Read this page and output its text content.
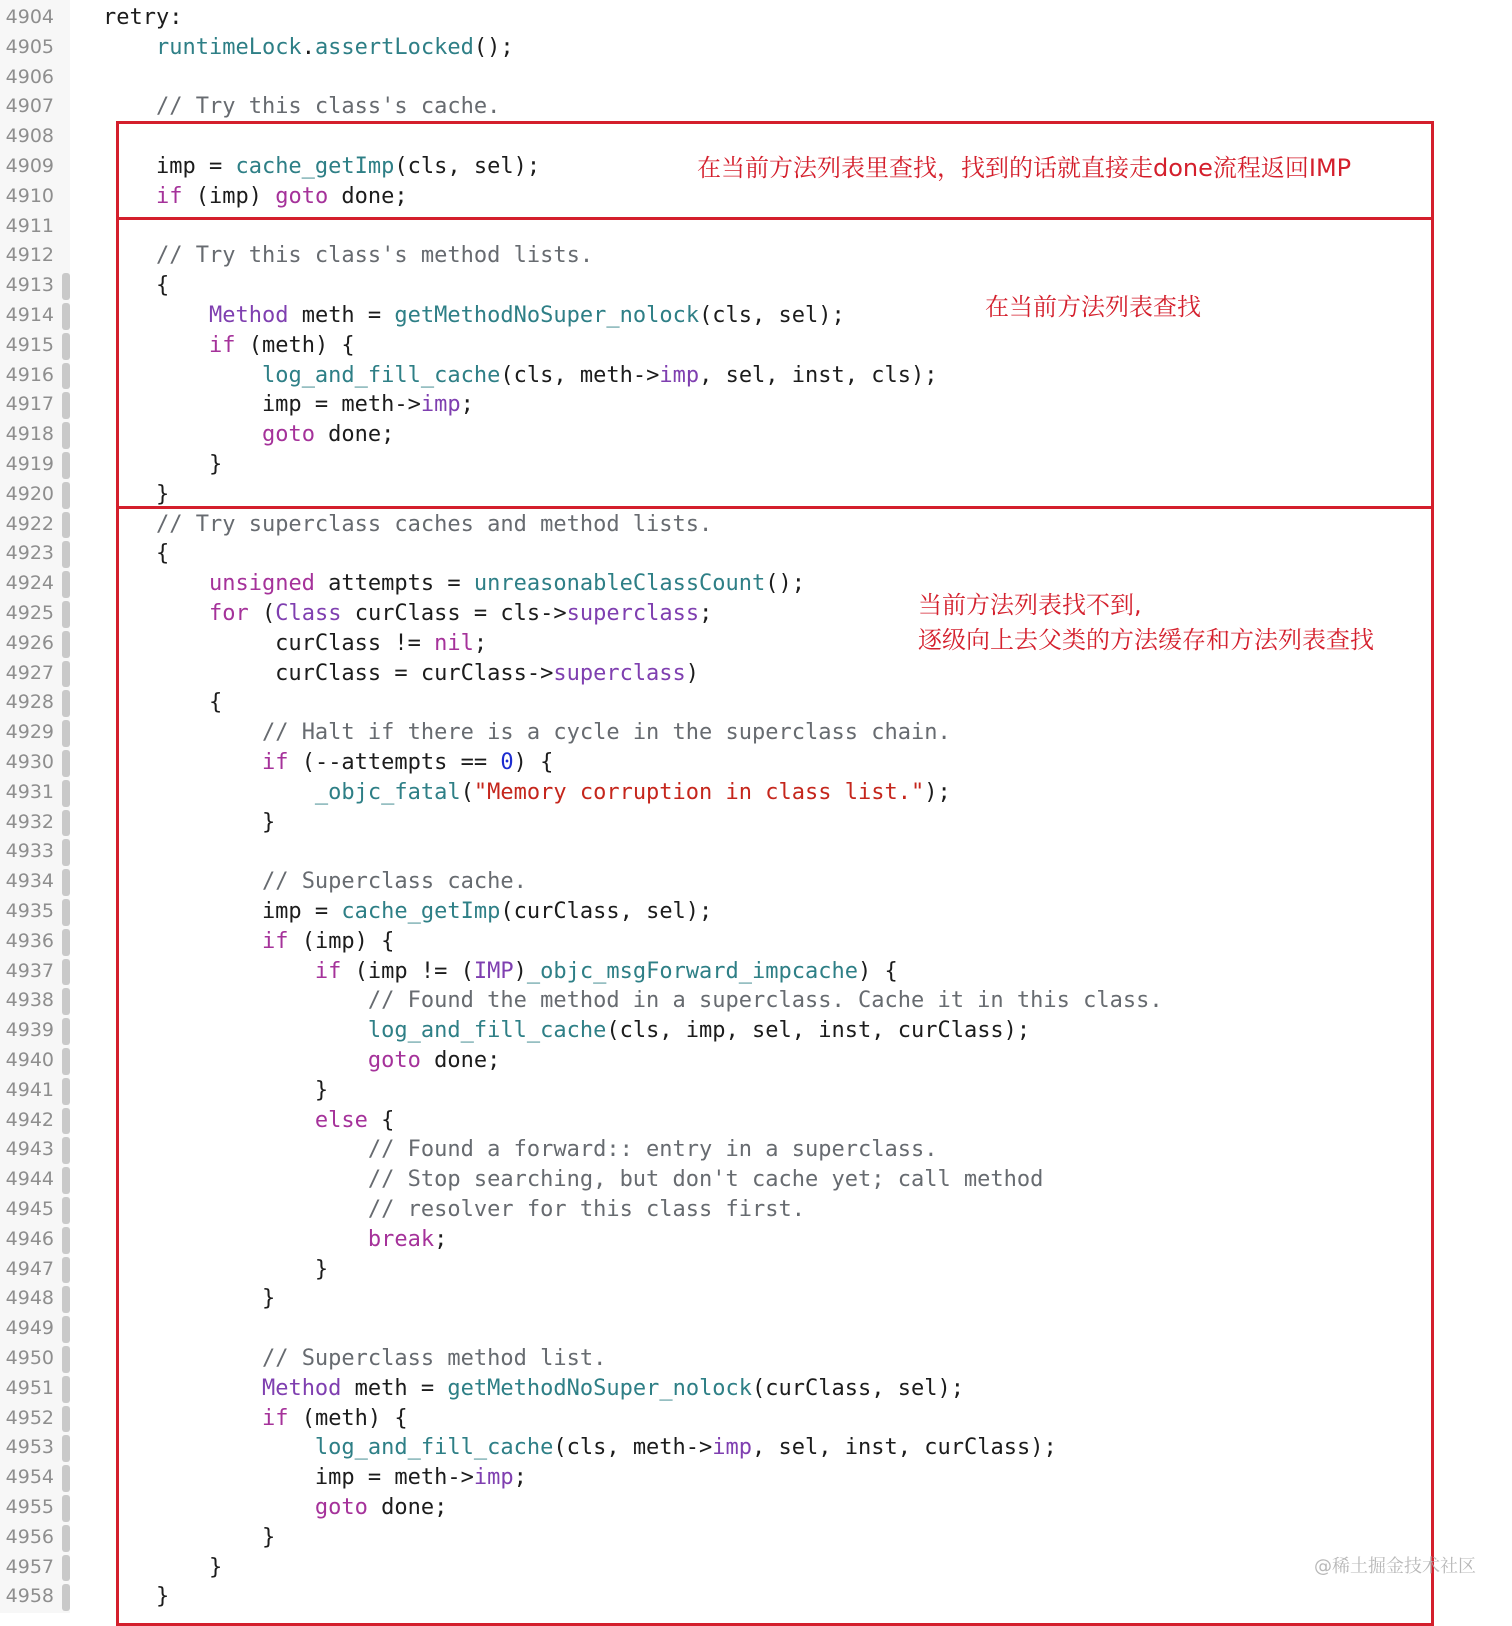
4904 retry:
4905	runtimeLock.assertLocked();
4906
4907	// Try this class's cache.
4908
4909 imp = cache_getImp(cls, sel);
4910	if (imp) goto done;
4911
4912	// Try this class's method lists.
4913 {
4914	Method meth = getMethodNoSuper_nolock(cls, sel);
4915	if (meth) {
4916	log_and_fill_cache(cls, meth->imp, sel, inst, cls);
4917 imp = meth->imp;
4918	goto done;
4919 }
4920 }
4922	// Try superclass caches and method lists.
4923 {
4924	unsigned attempts = unreasonableClassCount();
4925	for (Class curClass = cls->superclass;
4926 curClass != nil;
4927 curClass = curClass->superclass)
4928 {
4929	// Halt if there is a cycle in the superclass chain.
4930	if (--attempts == 0) {
4931	_objc_fatal("Memory corruption in class list.");
4932 }
4933
4934	// Superclass cache.
4935 imp = cache_getImp(curClass, sel);
4936	if (imp) {
4937	if (imp != (IMP)_objc_msgForward_impcache) {
4938	// Found the method in a superclass. Cache it in this class.
4939	log_and_fill_cache(cls, imp, sel, inst, curClass);
4940	goto done;
4941 }
4942	else {
4943	// Found a forward:: entry in a superclass.
4944	// Stop searching, but don't cache yet; call method
4945	// resolver for this class first.
4946	break;
4947 }
4948 }
4949
4950	// Superclass method list.
4951	Method meth = getMethodNoSuper_nolock(curClass, sel);
4952	if (meth) {
4953	log_and_fill_cache(cls, meth->imp, sel, inst, curClass);
4954 imp = meth->imp;
4955	goto done;
4956 }
4957 }
4958 }
在当前方法列表里查找，找到的话就直接走done流程返回IMP
在当前方法列表查找
当前方法列表找不到,
逐级向上去父类的方法缓存和方法列表查找
@稀土掘金技术社区
